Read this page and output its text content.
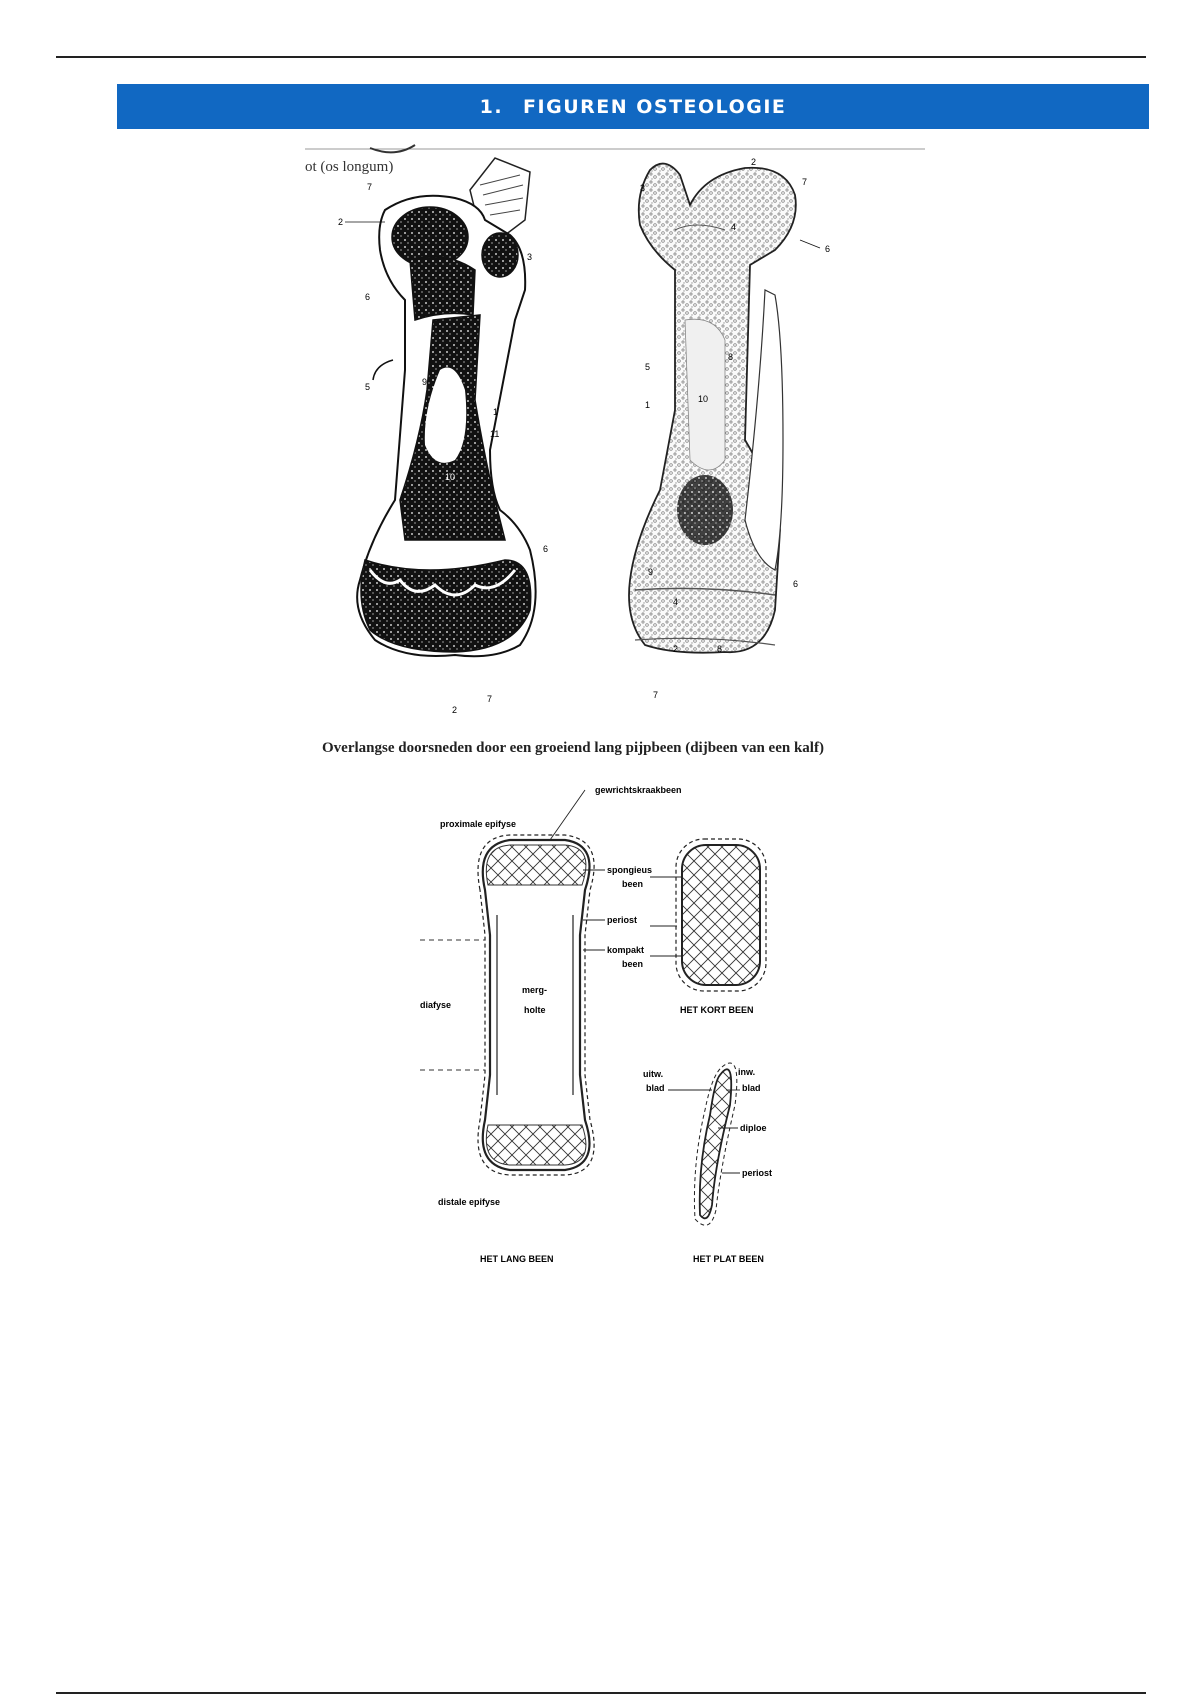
1. FIGUREN OSTEOLOGIE
ot (os longum)
7
2
6
3
9
5
1
11
10
6
2
7
3
2
7
4
6
5
1
10
8
9
4
6
2	8
7
Overlangse doorsneden door een groeiend lang pijpbeen (dijbeen van een kalf)
gewrichtskraakbeen
proximale epifyse
spongieus
been
periost
kompakt
been
diafyse
merg-
holte
distale epifyse
HET LANG BEEN
HET KORT BEEN
uitw.
blad
inw.
blad
diploe
periost
HET PLAT BEEN
